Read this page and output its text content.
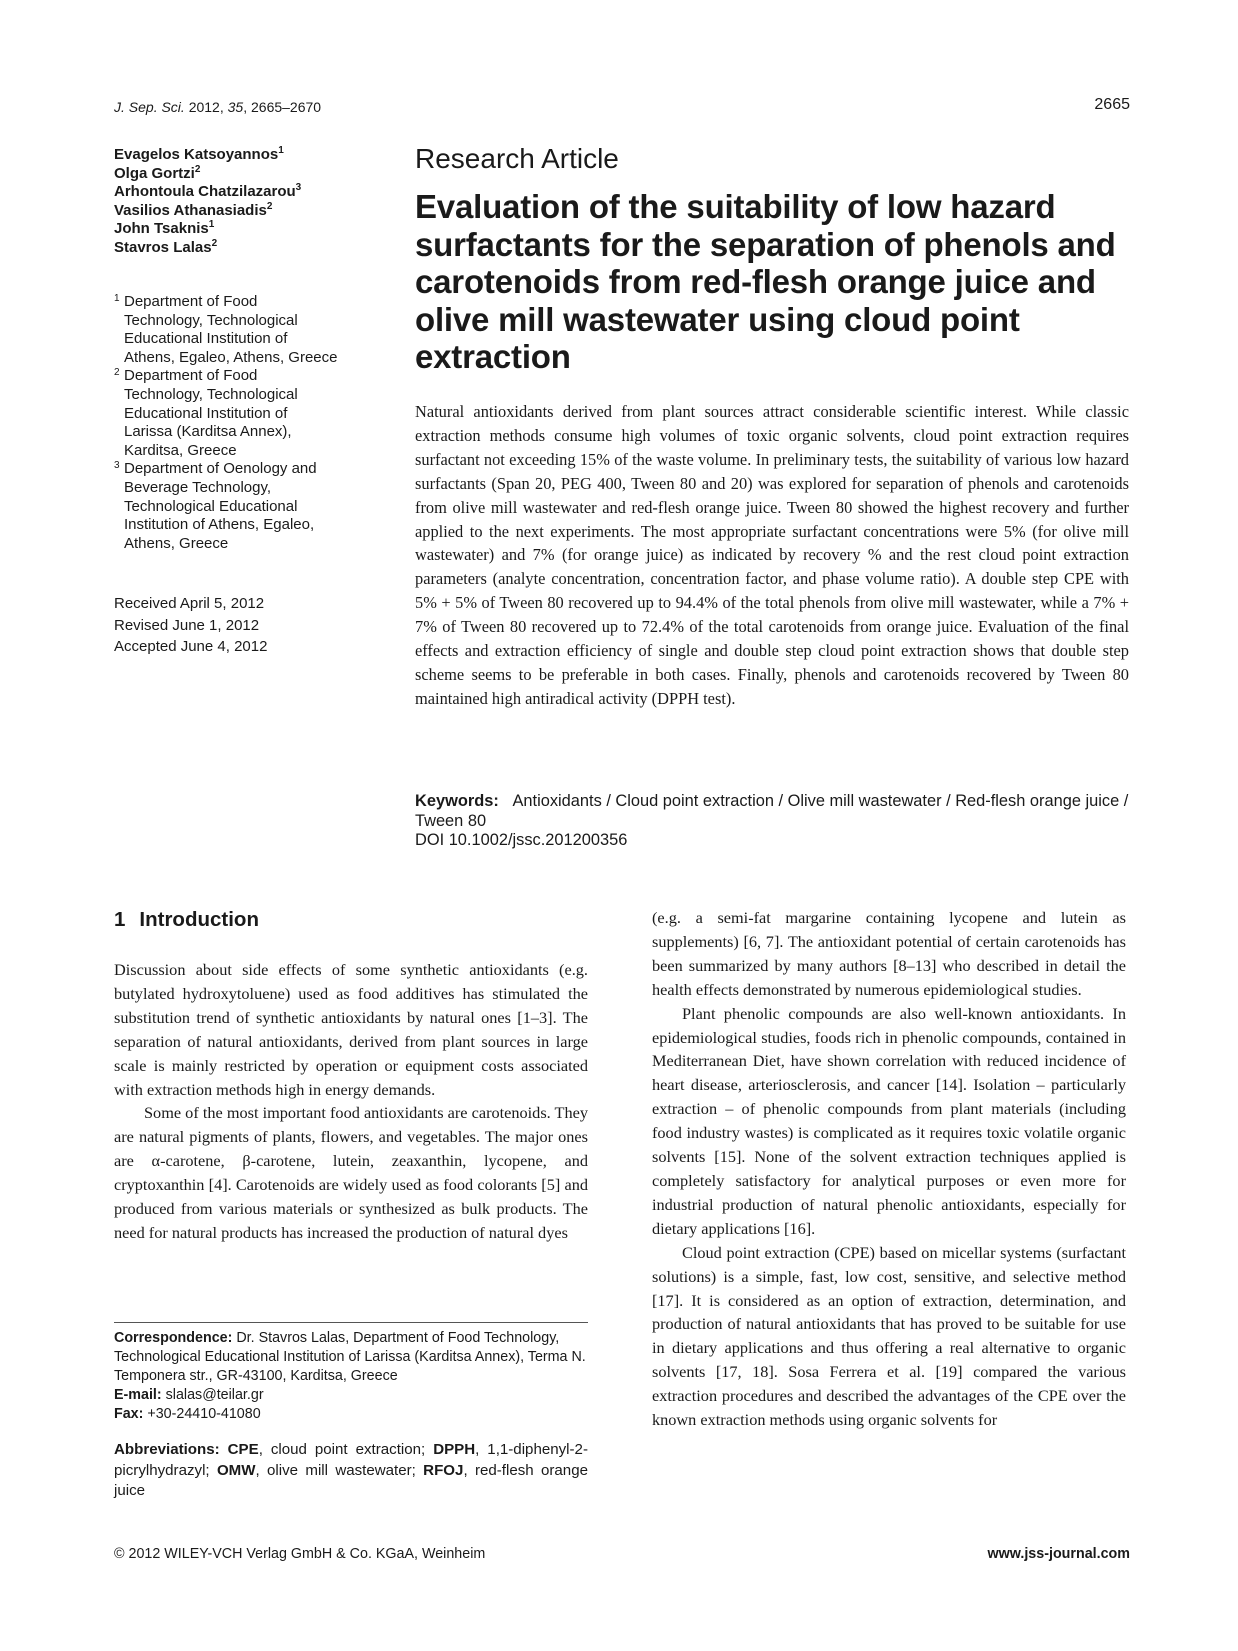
J. Sep. Sci. 2012, 35, 2665–2670	2665
Evagelos Katsoyannos$^1$
Olga Gortzi$^2$
Arhontoula Chatzilazarou$^3$
Vasilios Athanasiadis$^2$
John Tsaknis$^1$
Stavros Lalas$^2$
1 Department of Food
Technology, Technological
Educational Institution of
Athens, Egaleo, Athens, Greece
2 Department of Food
Technology, Technological
Educational Institution of
Larissa (Karditsa Annex),
Karditsa, Greece
3 Department of Oenology and
Beverage Technology,
Technological Educational
Institution of Athens, Egaleo,
Athens, Greece
Received April 5, 2012
Revised June 1, 2012
Accepted June 4, 2012
Research Article
Evaluation of the suitability of low hazard surfactants for the separation of phenols and carotenoids from red-flesh orange juice and olive mill wastewater using cloud point extraction

Natural antioxidants derived from plant sources attract considerable scientific interest. While classic extraction methods consume high volumes of toxic organic solvents, cloud point extraction requires surfactant not exceeding 15% of the waste volume. In preliminary tests, the suitability of various low hazard surfactants (Span 20, PEG 400, Tween 80 and 20) was explored for separation of phenols and carotenoids from olive mill wastewater and red-flesh orange juice. Tween 80 showed the highest recovery and further applied to the next experiments. The most appropriate surfactant concentrations were 5% (for olive mill wastewater) and 7% (for orange juice) as indicated by recovery % and the rest cloud point extraction parameters (analyte concentration, concentration factor, and phase volume ratio). A double step CPE with 5% + 5% of Tween 80 recovered up to 94.4% of the total phenols from olive mill wastewater, while a 7% + 7% of Tween 80 recovered up to 72.4% of the total carotenoids from orange juice. Evaluation of the final effects and extraction efficiency of single and double step cloud point extraction shows that double step scheme seems to be preferable in both cases. Finally, phenols and carotenoids recovered by Tween 80 maintained high antiradical activity (DPPH test).

Keywords: Antioxidants / Cloud point extraction / Olive mill wastewater / Red-flesh orange juice / Tween 80

DOI 10.1002/jssc.201200356
1 Introduction

Discussion about side effects of some synthetic antioxidants (e.g. butylated hydroxytoluene) used as food additives has stimulated the substitution trend of synthetic antioxidants by natural ones [1–3]. The separation of natural antioxidants, derived from plant sources in large scale is mainly restricted by operation or equipment costs associated with extraction methods high in energy demands.

Some of the most important food antioxidants are carotenoids. They are natural pigments of plants, flowers, and vegetables. The major ones are α-carotene, β-carotene, lutein, zeaxanthin, lycopene, and cryptoxanthin [4]. Carotenoids are widely used as food colorants [5] and produced from various materials or synthesized as bulk products. The need for natural products has increased the production of natural dyes

(e.g. a semi-fat margarine containing lycopene and lutein as supplements) [6, 7]. The antioxidant potential of certain carotenoids has been summarized by many authors [8–13] who described in detail the health effects demonstrated by numerous epidemiological studies.

Plant phenolic compounds are also well-known antioxidants. In epidemiological studies, foods rich in phenolic compounds, contained in Mediterranean Diet, have shown correlation with reduced incidence of heart disease, arteriosclerosis, and cancer [14]. Isolation – particularly extraction – of phenolic compounds from plant materials (including food industry wastes) is complicated as it requires toxic volatile organic solvents [15]. None of the solvent extraction techniques applied is completely satisfactory for analytical purposes or even more for industrial production of natural phenolic antioxidants, especially for dietary applications [16].

Cloud point extraction (CPE) based on micellar systems (surfactant solutions) is a simple, fast, low cost, sensitive, and selective method [17]. It is considered as an option of extraction, determination, and production of natural antioxidants that has proved to be suitable for use in dietary applications and thus offering a real alternative to organic solvents [17, 18]. Sosa Ferrera et al. [19] compared the various extraction procedures and described the advantages of the CPE over the known extraction methods using organic solvents for

Correspondence: Dr. Stavros Lalas, Department of Food Technology, Technological Educational Institution of Larissa (Karditsa Annex), Terma N. Temponera str., GR-43100, Karditsa, Greece
E-mail: slalas@teilar.gr
Fax: +30-24410-41080
Abbreviations: CPE, cloud point extraction; DPPH, 1,1-diphenyl-2-picrylhydrazyl; OMW, olive mill wastewater; RFOJ, red-flesh orange juice
© 2012 WILEY-VCH Verlag GmbH & Co. KGaA, Weinheim	www.jss-journal.com
